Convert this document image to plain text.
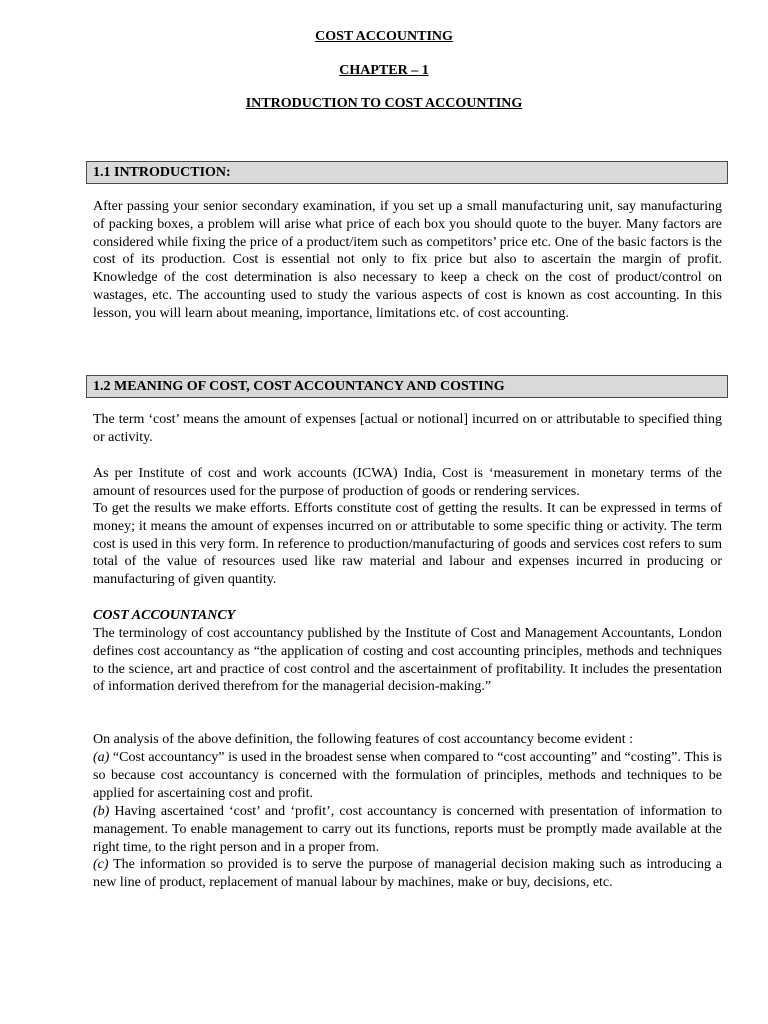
COST ACCOUNTING
CHAPTER – 1
INTRODUCTION TO COST ACCOUNTING
1.1 INTRODUCTION:

After passing your senior secondary examination, if you set up a small manufacturing unit, say manufacturing of packing boxes, a problem will arise what price of each box you should quote to the buyer. Many factors are considered while fixing the price of a product/item such as competitors’ price etc. One of the basic factors is the cost of its production. Cost is essential not only to fix price but also to ascertain the margin of profit. Knowledge of the cost determination is also necessary to keep a check on the cost of product/control on wastages, etc. The accounting used to study the various aspects of cost is known as cost accounting. In this lesson, you will learn about meaning, importance, limitations etc. of cost accounting.

1.2 MEANING OF COST, COST ACCOUNTANCY AND COSTING

The term ‘cost’ means the amount of expenses [actual or notional] incurred on or attributable to specified thing or activity.

As per Institute of cost and work accounts (ICWA) India, Cost is ‘measurement in monetary terms of the amount of resources used for the purpose of production of goods or rendering services.

To get the results we make efforts. Efforts constitute cost of getting the results. It can be expressed in terms of money; it means the amount of expenses incurred on or attributable to some specific thing or activity. The term cost is used in this very form. In reference to production/manufacturing of goods and services cost refers to sum total of the value of resources used like raw material and labour and expenses incurred in producing or manufacturing of given quantity.

COST ACCOUNTANCY

The terminology of cost accountancy published by the Institute of Cost and Management Accountants, London defines cost accountancy as “the application of costing and cost accounting principles, methods and techniques to the science, art and practice of cost control and the ascertainment of profitability. It includes the presentation of information derived therefrom for the managerial decision-making.”

On analysis of the above definition, the following features of cost accountancy become evident :

(a) “Cost accountancy” is used in the broadest sense when compared to “cost accounting” and “costing”. This is so because cost accountancy is concerned with the formulation of principles, methods and techniques to be applied for ascertaining cost and profit.

(b) Having ascertained ‘cost’ and ‘profit’, cost accountancy is concerned with presentation of information to management. To enable management to carry out its functions, reports must be promptly made available at the right time, to the right person and in a proper from.

(c) The information so provided is to serve the purpose of managerial decision making such as introducing a new line of product, replacement of manual labour by machines, make or buy, decisions, etc.
